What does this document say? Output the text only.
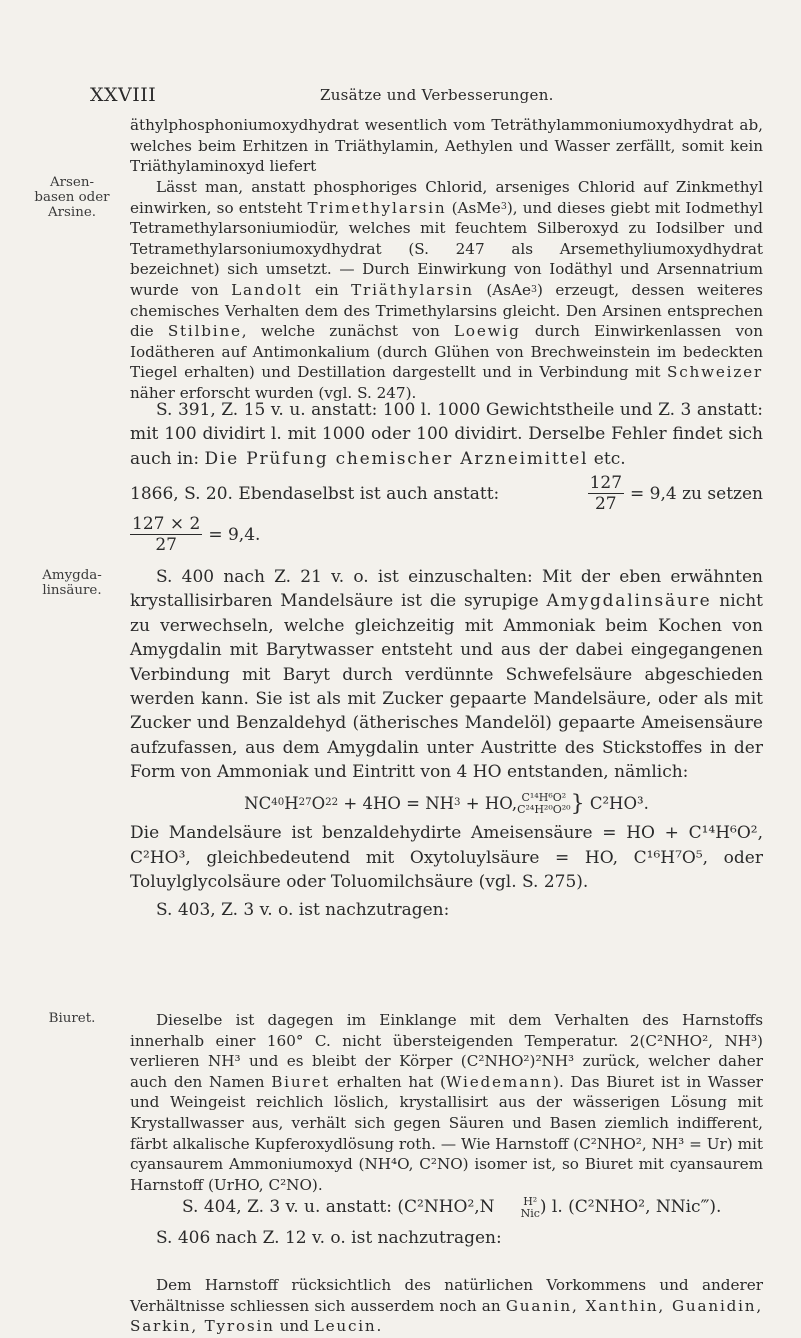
XXVIII	Zusätze und Verbesserungen.
Arsen-
basen oder
Arsine.
Amygda-
linsäure.
Biuret.

äthylphosphoniumoxydhydrat wesentlich vom Teträthylammoniumoxydhydrat ab, welches beim Erhitzen in Triäthylamin, Aethylen und Wasser zerfällt, somit kein Triäthylaminoxyd liefert

Lässt man, anstatt phosphoriges Chlorid, arseniges Chlorid auf Zinkmethyl einwirken, so entsteht Trimethylarsin (AsMe$^3$), und dieses giebt mit Iodmethyl Tetramethylarsoniumiodür, welches mit feuchtem Silberoxyd zu Iodsilber und Tetramethylarsoniumoxydhydrat (S. 247 als Arsemethyliumoxydhydrat bezeichnet) sich umsetzt. — Durch Einwirkung von Iodäthyl und Arsennatrium wurde von Landolt ein Triäthylarsin (AsAe$^3$) erzeugt, dessen weiteres chemisches Verhalten dem des Trimethylarsins gleicht. Den Arsinen entsprechen die Stilbine, welche zunächst von Loewig durch Einwirkenlassen von Iodätheren auf Antimonkalium (durch Glühen von Brechweinstein im bedeckten Tiegel erhalten) und Destillation dargestellt und in Verbindung mit Schweizer näher erforscht wurden (vgl. S. 247).

S. 391, Z. 15 v. u. anstatt: 100 l. 1000 Gewichtstheile und Z. 3 anstatt: mit 100 dividirt l. mit 1000 oder 100 dividirt. Derselbe Fehler findet sich auch in: Die Prüfung chemischer Arzneimittel etc.

1866, S. 20. Ebendaselbst ist auch anstatt:	$\frac{127}{27} = 9,4$ zu setzen
$\frac{127 \times 2}{27} = 9,4$.

S. 400 nach Z. 21 v. o. ist einzuschalten: Mit der eben erwähnten krystallisirbaren Mandelsäure ist die syrupige Amygdalinsäure nicht zu verwechseln, welche gleichzeitig mit Ammoniak beim Kochen von Amygdalin mit Barytwasser entsteht und aus der dabei eingegangenen Verbindung mit Baryt durch verdünnte Schwefelsäure abgeschieden werden kann. Sie ist als mit Zucker gepaarte Mandelsäure, oder als mit Zucker und Benzaldehyd (ätherisches Mandelöl) gepaarte Ameisensäure aufzufassen, aus dem Amygdalin unter Austritte des Stickstoffes in der Form von Ammoniak und Eintritt von 4 HO entstanden, nämlich:

$NC^{40}H^{27}O^{22} + 4HO = NH^3$ + HO, C¹⁴H⁶O²
C²⁴H²⁰O²⁰ } C²HO³.

Die Mandelsäure ist benzaldehydirte Ameisensäure = HO + C¹⁴H⁶O², C²HO³, gleichbedeutend mit Oxytoluylsäure = HO, C¹⁶H⁷O⁵, oder Toluylglycolsäure oder Toluomilchsäure (vgl. S. 275).

S. 403, Z. 3 v. o. ist nachzutragen:

Dieselbe ist dagegen im Einklange mit dem Verhalten des Harnstoffs innerhalb einer 160° C. nicht übersteigenden Temperatur. 2(C²NHO², NH³) verlieren NH³ und es bleibt der Körper (C²NHO²)²NH³ zurück, welcher daher auch den Namen Biuret erhalten hat (Wiedemann). Das Biuret ist in Wasser und Weingeist reichlich löslich, krystallisirt aus der wässerigen Lösung mit Krystallwasser aus, verhält sich gegen Säuren und Basen ziemlich indifferent, färbt alkalische Kupferoxydlösung roth. — Wie Harnstoff (C²NHO², NH³ = Ur) mit cyansaurem Ammoniumoxyd (NH⁴O, C²NO) isomer ist, so Biuret mit cyansaurem Harnstoff (UrHO, C²NO).

S. 404, Z. 3 v. u. anstatt: (C²NHO²,N	H²
Nic ) l. (C²NHO², NNic‴).

S. 406 nach Z. 12 v. o. ist nachzutragen:

Dem Harnstoff rücksichtlich des natürlichen Vorkommens und anderer Verhältnisse schliessen sich ausserdem noch an Guanin, Xanthin, Guanidin, Sarkin, Tyrosin und Leucin.
